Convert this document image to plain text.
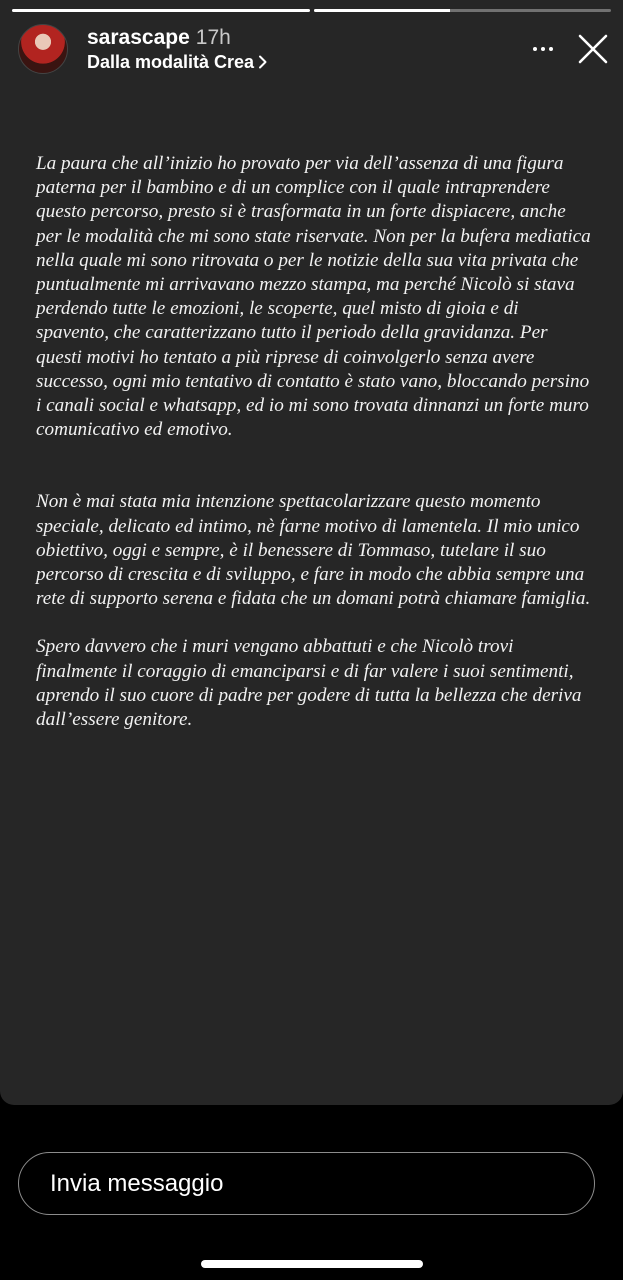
sarascape 17h
Dalla modalità Crea

La paura che all’inizio ho provato per via dell’assenza di una figura paterna per il bambino e di un complice con il quale intraprendere questo percorso, presto si è trasformata in un forte dispiacere, anche per le modalità che mi sono state riservate. Non per la bufera mediatica nella quale mi sono ritrovata o per le notizie della sua vita privata che puntualmente mi arrivavano mezzo stampa, ma perché Nicolò si stava perdendo tutte le emozioni, le scoperte, quel misto di gioia e di spavento, che caratterizzano tutto il periodo della gravidanza. Per questi motivi ho tentato a più riprese di coinvolgerlo senza avere successo, ogni mio tentativo di contatto è stato vano, bloccando persino i canali social e whatsapp, ed io mi sono trovata dinnanzi un forte muro comunicativo ed emotivo.

Non è mai stata mia intenzione spettacolarizzare questo momento speciale, delicato ed intimo, nè farne motivo di lamentela. Il mio unico obiettivo, oggi e sempre, è il benessere di Tommaso, tutelare il suo percorso di crescita e di sviluppo, e fare in modo che abbia sempre una rete di supporto serena e fidata che un domani potrà chiamare famiglia.

Spero davvero che i muri vengano abbattuti e che Nicolò trovi finalmente il coraggio di emanciparsi e di far valere i suoi sentimenti, aprendo il suo cuore di padre per godere di tutta la bellezza che deriva dall’essere genitore.

Invia messaggio
